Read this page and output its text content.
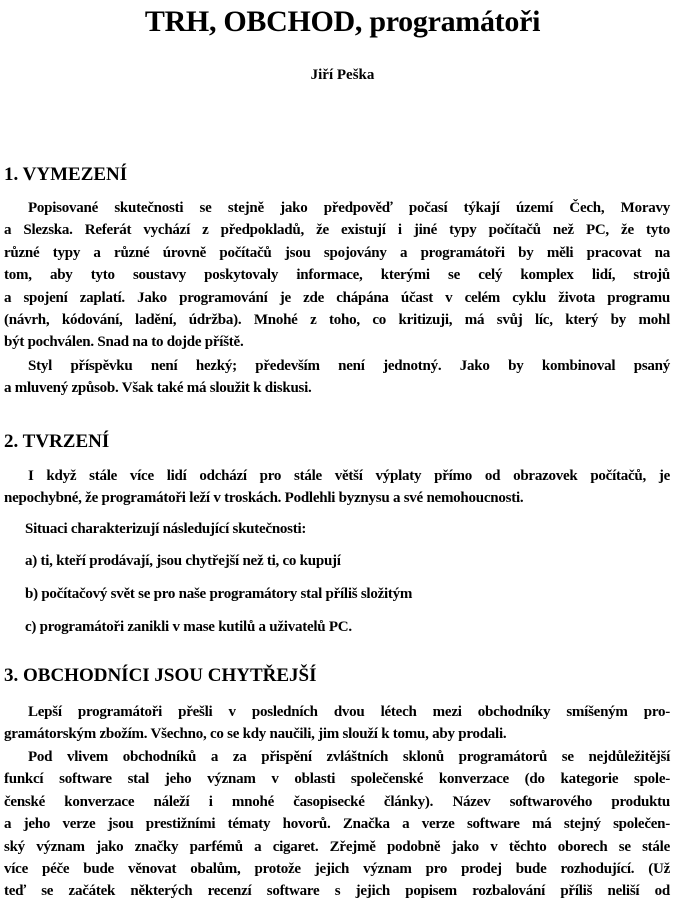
TRH, OBCHOD, programátoři
Jiří Peška
1. VYMEZENÍ
Popisované skutečnosti se stejně jako předpověď počasí týkají území Čech, Moravy
a Slezska. Referát vychází z předpokladů, že existují i jiné typy počítačů než PC, že tyto
různé typy a různé úrovně počítačů jsou spojovány a programátoři by měli pracovat na
tom, aby tyto soustavy poskytovaly informace, kterými se celý komplex lidí, strojů
a spojení zaplatí. Jako programování je zde chápána účast v celém cyklu života programu
(návrh, kódování, ladění, údržba). Mnohé z toho, co kritizuji, má svůj líc, který by mohl
být pochválen. Snad na to dojde příště.
Styl příspěvku není hezký; především není jednotný. Jako by kombinoval psaný
a mluvený způsob. Však také má sloužit k diskusi.
2. TVRZENÍ
I když stále více lidí odchází pro stále větší výplaty přímo od obrazovek počítačů, je
nepochybné, že programátoři leží v troskách. Podlehli byznysu a své nemohoucnosti.
Situaci charakterizují následující skutečnosti:
a) ti, kteří prodávají, jsou chytřejší než ti, co kupují
b) počítačový svět se pro naše programátory stal příliš složitým
c) programátoři zanikli v mase kutilů a uživatelů PC.
3. OBCHODNÍCI JSOU CHYTŘEJŠÍ
Lepší programátoři přešli v posledních dvou létech mezi obchodníky smíšeným pro-
gramátorským zbožím. Všechno, co se kdy naučili, jim slouží k tomu, aby prodali.
Pod vlivem obchodníků a za přispění zvláštních sklonů programátorů se nejdůležitější
funkcí software stal jeho význam v oblasti společenské konverzace (do kategorie spole-
čenské konverzace náleží i mnohé časopisecké články). Název softwarového produktu
a jeho verze jsou prestižními tématy hovorů. Značka a verze software má stejný společen-
ský význam jako značky parfémů a cigaret. Zřejmě podobně jako v těchto oborech se stále
více péče bude věnovat obalům, protože jejich význam pro prodej bude rozhodující. (Už
teď se začátek některých recenzí software s jejich popisem rozbalování příliš neliší od
